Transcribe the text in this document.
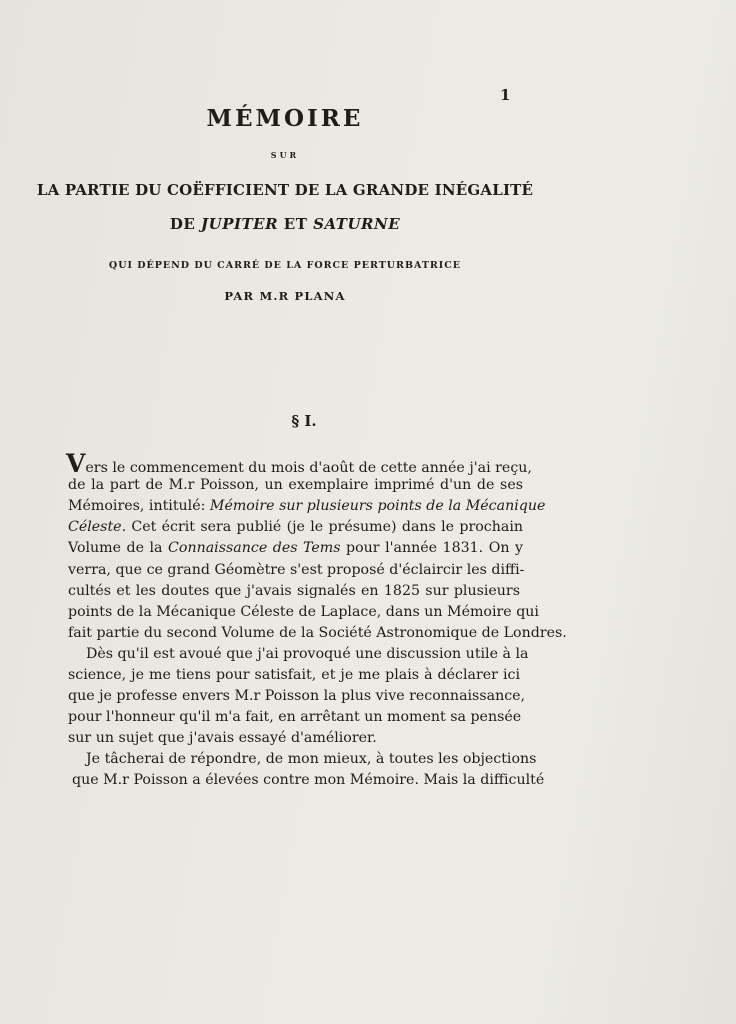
1
MÉMOIRE
SUR
LA PARTIE DU COËFFICIENT DE LA GRANDE INÉGALITÉ
DE JUPITER ET SATURNE
QUI DÉPEND DU CARRÉ DE LA FORCE PERTURBATRICE
PAR M.R PLANA
§ I.
Vers le commencement du mois d'août de cette année j'ai reçu,
de la part de M.r Poisson, un exemplaire imprimé d'un de ses
Mémoires, intitulé: Mémoire sur plusieurs points de la Mécanique
Céleste. Cet écrit sera publié (je le présume) dans le prochain
Volume de la Connaissance des Tems pour l'année 1831. On y
verra, que ce grand Géomètre s'est proposé d'éclaircir les diffi-
cultés et les doutes que j'avais signalés en 1825 sur plusieurs
points de la Mécanique Céleste de Laplace, dans un Mémoire qui
fait partie du second Volume de la Société Astronomique de Londres.
Dès qu'il est avoué que j'ai provoqué une discussion utile à la
science, je me tiens pour satisfait, et je me plais à déclarer ici
que je professe envers M.r Poisson la plus vive reconnaissance,
pour l'honneur qu'il m'a fait, en arrêtant un moment sa pensée
sur un sujet que j'avais essayé d'améliorer.
Je tâcherai de répondre, de mon mieux, à toutes les objections
que M.r Poisson a élevées contre mon Mémoire. Mais la difficulté
